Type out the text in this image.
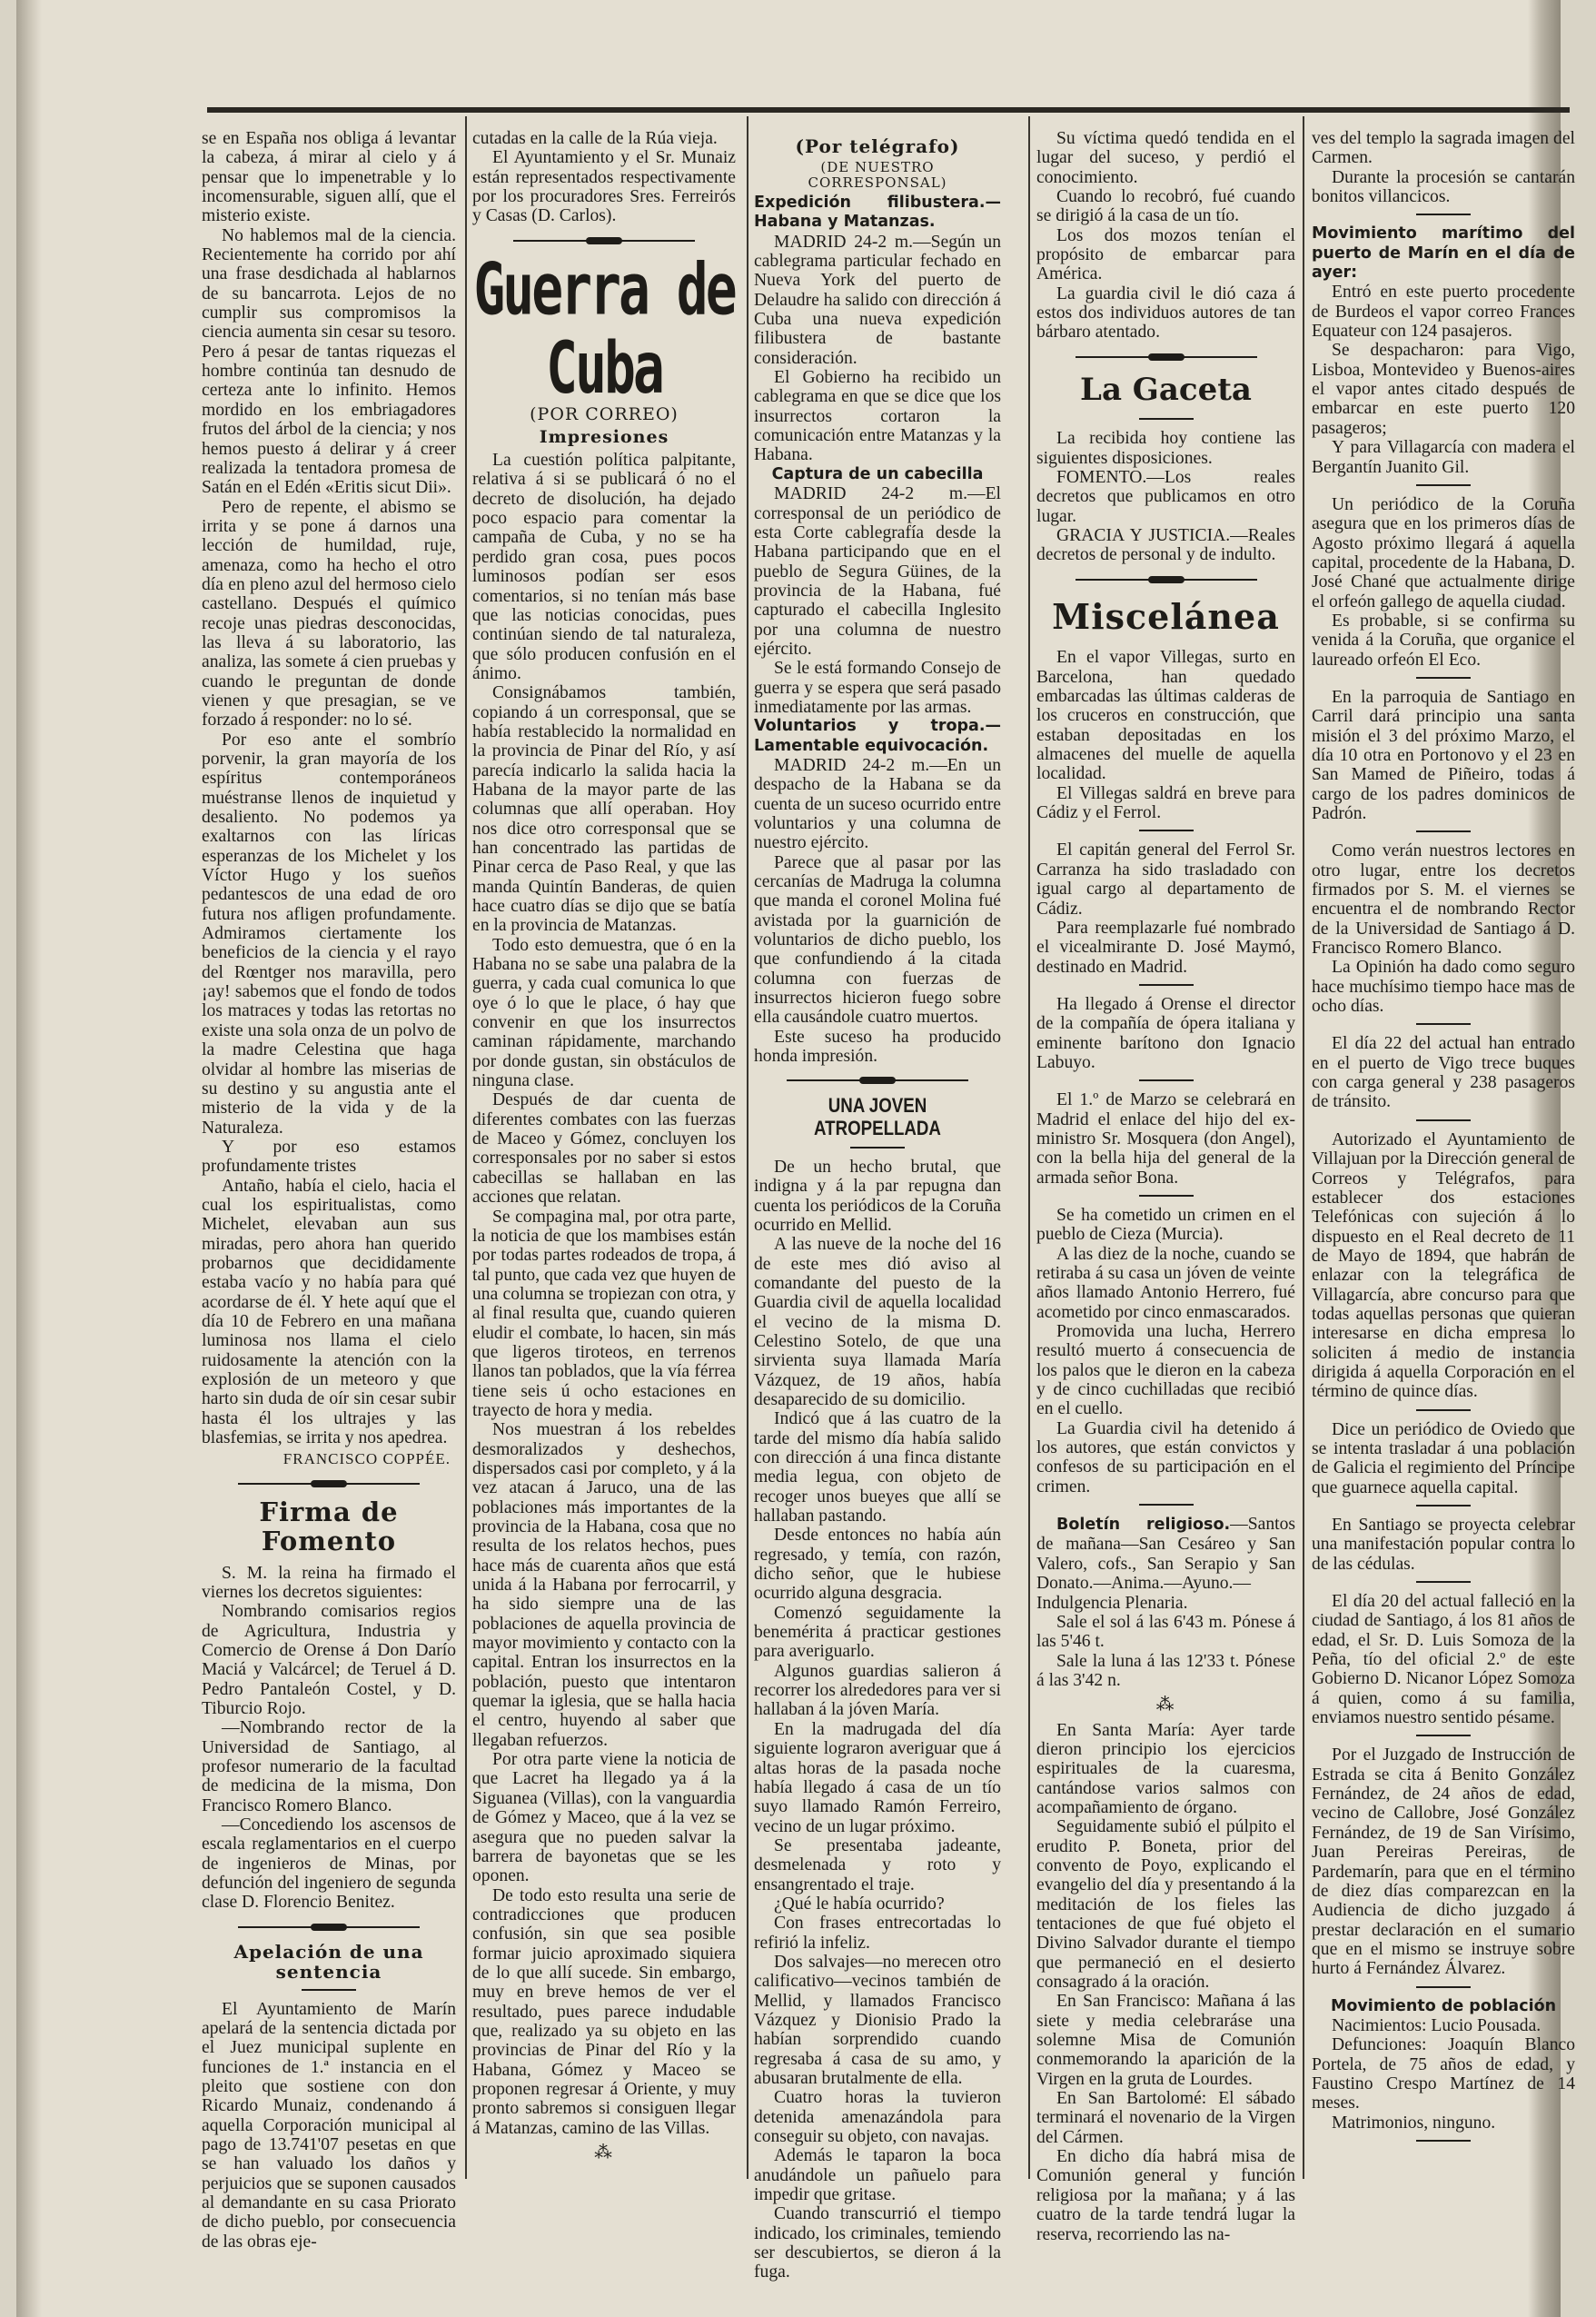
se en España nos obliga á levantar la cabeza, á mirar al cielo y á pensar que lo impenetrable y lo incomensurable, siguen allí, que el misterio existe.

No hablemos mal de la ciencia. Recientemente ha corrido por ahí una frase desdichada al hablarnos de su bancarrota. Lejos de no cumplir sus compromisos la ciencia aumenta sin cesar su tesoro. Pero á pesar de tantas riquezas el hombre continúa tan desnudo de certeza ante lo infinito. Hemos mordido en los embriagadores frutos del árbol de la ciencia; y nos hemos puesto á delirar y á creer realizada la tentadora promesa de Satán en el Edén «Eritis sicut Dii».

Pero de repente, el abismo se irrita y se pone á darnos una lección de humildad, ruje, amenaza, como ha hecho el otro día en pleno azul del hermoso cielo castellano. Después el químico recoje unas piedras desconocidas, las lleva á su laboratorio, las analiza, las somete á cien pruebas y cuando le preguntan de donde vienen y que presagian, se ve forzado á responder: no lo sé.

Por eso ante el sombrío porvenir, la gran mayoría de los espíritus contemporáneos muéstranse llenos de inquietud y desaliento. No podemos ya exaltarnos con las líricas esperanzas de los Michelet y los Víctor Hugo y los sueños pedantescos de una edad de oro futura nos afligen profundamente. Admiramos ciertamente los beneficios de la ciencia y el rayo del Rœntger nos maravilla, pero ¡ay! sabemos que el fondo de todos los matraces y todas las retortas no existe una sola onza de un polvo de la madre Celestina que haga olvidar al hombre las miserias de su destino y su angustia ante el misterio de la vida y de la Naturaleza.

Y por eso estamos profundamente tristes

Antaño, había el cielo, hacia el cual los espiritualistas, como Michelet, elevaban aun sus miradas, pero ahora han querido probarnos que decididamente estaba vacío y no había para qué acordarse de él. Y hete aquí que el día 10 de Febrero en una mañana luminosa nos llama el cielo ruidosamente la atención con la explosión de un meteoro y que harto sin duda de oír sin cesar subir hasta él los ultrajes y las blasfemias, se irrita y nos apedrea.

FRANCISCO COPPÉE.
Firma de Fomento

S. M. la reina ha firmado el viernes los decretos siguientes:

Nombrando comisarios regios de Agricultura, Industria y Comercio de Orense á Don Darío Maciá y Valcárcel; de Teruel á D. Pedro Pantaleón Costel, y D. Tiburcio Rojo.

—Nombrando rector de la Universidad de Santiago, al profesor numerario de la facultad de medicina de la misma, Don Francisco Romero Blanco.

—Concediendo los ascensos de escala reglamentarios en el cuerpo de ingenieros de Minas, por defunción del ingeniero de segunda clase D. Florencio Benitez.

Apelación de una sentencia

El Ayuntamiento de Marín apelará de la sentencia dictada por el Juez municipal suplente en funciones de 1.ª instancia en el pleito que sostiene con don Ricardo Munaiz, condenando á aquella Corporación municipal al pago de 13.741'07 pesetas en que se han valuado los daños y perjuicios que se suponen causados al demandante en su casa Priorato de dicho pueblo, por consecuencia de las obras eje-

cutadas en la calle de la Rúa vieja.

El Ayuntamiento y el Sr. Munaiz están representados respectivamente por los procuradores Sres. Ferreirós y Casas (D. Carlos).

Guerra de Cuba
(POR CORREO)
Impresiones

La cuestión política palpitante, relativa á si se publicará ó no el decreto de disolución, ha dejado poco espacio para comentar la campaña de Cuba, y no se ha perdido gran cosa, pues pocos luminosos podían ser esos comentarios, si no tenían más base que las noticias conocidas, pues continúan siendo de tal naturaleza, que sólo producen confusión en el ánimo.

Consignábamos también, copiando á un corresponsal, que se había restablecido la normalidad en la provincia de Pinar del Río, y así parecía indicarlo la salida hacia la Habana de la mayor parte de las columnas que allí operaban. Hoy nos dice otro corresponsal que se han concentrado las partidas de Pinar cerca de Paso Real, y que las manda Quintín Banderas, de quien hace cuatro días se dijo que se batía en la provincia de Matanzas.

Todo esto demuestra, que ó en la Habana no se sabe una palabra de la guerra, y cada cual comunica lo que oye ó lo que le place, ó hay que convenir en que los insurrectos caminan rápidamente, marchando por donde gustan, sin obstáculos de ninguna clase.

Después de dar cuenta de diferentes combates con las fuerzas de Maceo y Gómez, concluyen los corresponsales por no saber si estos cabecillas se hallaban en las acciones que relatan.

Se compagina mal, por otra parte, la noticia de que los mambises están por todas partes rodeados de tropa, á tal punto, que cada vez que huyen de una columna se tropiezan con otra, y al final resulta que, cuando quieren eludir el combate, lo hacen, sin más que ligeros tiroteos, en terrenos llanos tan poblados, que la vía férrea tiene seis ú ocho estaciones en trayecto de hora y media.

Nos muestran á los rebeldes desmoralizados y deshechos, dispersados casi por completo, y á la vez atacan á Jaruco, una de las poblaciones más importantes de la provincia de la Habana, cosa que no resulta de los relatos hechos, pues hace más de cuarenta años que está unida á la Habana por ferrocarril, y ha sido siempre una de las poblaciones de aquella provincia de mayor movimiento y contacto con la capital. Entran los insurrectos en la población, puesto que intentaron quemar la iglesia, que se halla hacia el centro, huyendo al saber que llegaban refuerzos.

Por otra parte viene la noticia de que Lacret ha llegado ya á la Siguanea (Villas), con la vanguardia de Gómez y Maceo, que á la vez se asegura que no pueden salvar la barrera de bayonetas que se les oponen.

De todo esto resulta una serie de contradicciones que producen confusión, sin que sea posible formar juicio aproximado siquiera de lo que allí sucede. Sin embargo, muy en breve hemos de ver el resultado, pues parece indudable que, realizado ya su objeto en las provincias de Pinar del Río y la Habana, Gómez y Maceo se proponen regresar á Oriente, y muy pronto sabremos si consiguen llegar á Matanzas, camino de las Villas.

⁂
(Por telégrafo)
(DE NUESTRO CORRESPONSAL)

Expedición filibustera.—Habana y Matanzas.

MADRID 24-2 m.—Según un cablegrama particular fechado en Nueva York del puerto de Delaudre ha salido con dirección á Cuba una nueva expedición filibustera de bastante consideración.

El Gobierno ha recibido un cablegrama en que se dice que los insurrectos cortaron la comunicación entre Matanzas y la Habana.

Captura de un cabecilla

MADRID 24-2 m.—El corresponsal de un periódico de esta Corte cablegrafía desde la Habana participando que en el pueblo de Segura Güines, de la provincia de la Habana, fué capturado el cabecilla Inglesito por una columna de nuestro ejército.

Se le está formando Consejo de guerra y se espera que será pasado inmediatamente por las armas.

Voluntarios y tropa.—Lamentable equivocación.

MADRID 24-2 m.—En un despacho de la Habana se da cuenta de un suceso ocurrido entre voluntarios y una columna de nuestro ejército.

Parece que al pasar por las cercanías de Madruga la columna que manda el coronel Molina fué avistada por la guarnición de voluntarios de dicho pueblo, los que confundiendo á la citada columna con fuerzas de insurrectos hicieron fuego sobre ella causándole cuatro muertos.

Este suceso ha producido honda impresión.

UNA JOVEN ATROPELLADA

De un hecho brutal, que indigna y á la par repugna dan cuenta los periódicos de la Coruña ocurrido en Mellid.

A las nueve de la noche del 16 de este mes dió aviso al comandante del puesto de la Guardia civil de aquella localidad el vecino de la misma D. Celestino Sotelo, de que una sirvienta suya llamada María Vázquez, de 19 años, había desaparecido de su domicilio.

Indicó que á las cuatro de la tarde del mismo día había salido con dirección á una finca distante media legua, con objeto de recoger unos bueyes que allí se hallaban pastando.

Desde entonces no había aún regresado, y temía, con razón, dicho señor, que le hubiese ocurrido alguna desgracia.

Comenzó seguidamente la benemérita á practicar gestiones para averiguarlo.

Algunos guardias salieron á recorrer los alrededores para ver si hallaban á la jóven María.

En la madrugada del día siguiente lograron averiguar que á altas horas de la pasada noche había llegado á casa de un tío suyo llamado Ramón Ferreiro, vecino de un lugar próximo.

Se presentaba jadeante, desmelenada y roto y ensangrentado el traje.

¿Qué le había ocurrido?

Con frases entrecortadas lo refirió la infeliz.

Dos salvajes—no merecen otro calificativo—vecinos también de Mellid, y llamados Francisco Vázquez y Dionisio Prado la habían sorprendido cuando regresaba á casa de su amo, y abusaran brutalmente de ella.

Cuatro horas la tuvieron detenida amenazándola para conseguir su objeto, con navajas.

Además le taparon la boca anudándole un pañuelo para impedir que gritase.

Cuando transcurrió el tiempo indicado, los criminales, temiendo ser descubiertos, se dieron á la fuga.

Su víctima quedó tendida en el lugar del suceso, y perdió el conocimiento.

Cuando lo recobró, fué cuando se dirigió á la casa de un tío.

Los dos mozos tenían el propósito de embarcar para América.

La guardia civil le dió caza á estos dos individuos autores de tan bárbaro atentado.

La Gaceta

La recibida hoy contiene las siguientes disposiciones.

FOMENTO.—Los reales decretos que publicamos en otro lugar.

GRACIA Y JUSTICIA.—Reales decretos de personal y de indulto.

Miscelánea

En el vapor Villegas, surto en Barcelona, han quedado embarcadas las últimas calderas de los cruceros en construcción, que estaban depositadas en los almacenes del muelle de aquella localidad.

El Villegas saldrá en breve para Cádiz y el Ferrol.

El capitán general del Ferrol Sr. Carranza ha sido trasladado con igual cargo al departamento de Cádiz.

Para reemplazarle fué nombrado el vicealmirante D. José Maymó, destinado en Madrid.

Ha llegado á Orense el director de la compañía de ópera italiana y eminente barítono don Ignacio Labuyo.

El 1.º de Marzo se celebrará en Madrid el enlace del hijo del ex-ministro Sr. Mosquera (don Angel), con la bella hija del general de la armada señor Bona.

Se ha cometido un crimen en el pueblo de Cieza (Murcia).

A las diez de la noche, cuando se retiraba á su casa un jóven de veinte años llamado Antonio Herrero, fué acometido por cinco enmascarados.

Promovida una lucha, Herrero resultó muerto á consecuencia de los palos que le dieron en la cabeza y de cinco cuchilladas que recibió en el cuello.

La Guardia civil ha detenido á los autores, que están convictos y confesos de su participación en el crimen.

Boletín religioso.—Santos de mañana—San Cesáreo y San Valero, cofs., San Serapio y San Donato.—Anima.—Ayuno.—Indulgencia Plenaria.

Sale el sol á las 6'43 m. Pónese á las 5'46 t.

Sale la luna á las 12'33 t. Pónese á las 3'42 n.

⁂

En Santa María: Ayer tarde dieron principio los ejercicios espirituales de la cuaresma, cantándose varios salmos con acompañamiento de órgano.

Seguidamente subió el púlpito el erudito P. Boneta, prior del convento de Poyo, explicando el evangelio del día y presentando á la meditación de los fieles las tentaciones de que fué objeto el Divino Salvador durante el tiempo que permaneció en el desierto consagrado á la oración.

En San Francisco: Mañana á las siete y media celebraráse una solemne Misa de Comunión conmemorando la aparición de la Virgen en la gruta de Lourdes.

En San Bartolomé: El sábado terminará el novenario de la Virgen del Cármen.

En dicho día habrá misa de Comunión general y función religiosa por la mañana; y á las cuatro de la tarde tendrá lugar la reserva, recorriendo las na-

ves del templo la sagrada imagen del Carmen.

Durante la procesión se cantarán bonitos villancicos.

Movimiento marítimo del puerto de Marín en el día de ayer:

Entró en este puerto procedente de Burdeos el vapor correo Frances Equateur con 124 pasajeros.

Se despacharon: para Vigo, Lisboa, Montevideo y Buenos-aires el vapor antes citado después de embarcar en este puerto 120 pasageros;

Y para Villagarcía con madera el Bergantín Juanito Gil.

Un periódico de la Coruña asegura que en los primeros días de Agosto próximo llegará á aquella capital, procedente de la Habana, D. José Chané que actualmente dirige el orfeón gallego de aquella ciudad.

Es probable, si se confirma su venida á la Coruña, que organice el laureado orfeón El Eco.

En la parroquia de Santiago en Carril dará principio una santa misión el 3 del próximo Marzo, el día 10 otra en Portonovo y el 23 en San Mamed de Piñeiro, todas á cargo de los padres dominicos de Padrón.

Como verán nuestros lectores en otro lugar, entre los decretos firmados por S. M. el viernes se encuentra el de nombrando Rector de la Universidad de Santiago á D. Francisco Romero Blanco.

La Opinión ha dado como seguro hace muchísimo tiempo hace mas de ocho días.

El día 22 del actual han entrado en el puerto de Vigo trece buques con carga general y 238 pasageros de tránsito.

Autorizado el Ayuntamiento de Villajuan por la Dirección general de Correos y Telégrafos, para establecer dos estaciones Telefónicas con sujeción á lo dispuesto en el Real decreto de 11 de Mayo de 1894, que habrán de enlazar con la telegráfica de Villagarcía, abre concurso para que todas aquellas personas que quieran interesarse en dicha empresa lo soliciten á medio de instancia dirigida á aquella Corporación en el término de quince días.

Dice un periódico de Oviedo que se intenta trasladar á una población de Galicia el regimiento del Príncipe que guarnece aquella capital.

En Santiago se proyecta celebrar una manifestación popular contra lo de las cédulas.

El día 20 del actual falleció en la ciudad de Santiago, á los 81 años de edad, el Sr. D. Luis Somoza de la Peña, tío del oficial 2.º de este Gobierno D. Nicanor López Somoza á quien, como á su familia, enviamos nuestro sentido pésame.

Por el Juzgado de Instrucción de Estrada se cita á Benito González Fernández, de 24 años de edad, vecino de Callobre, José González Fernández, de 19 de San Virísimo, Juan Pereiras Pereiras, de Pardemarín, para que en el término de diez días comparezcan en la Audiencia de dicho juzgado á prestar declaración en el sumario que en el mismo se instruye sobre hurto á Fernández Álvarez.

Movimiento de población

Nacimientos: Lucio Pousada.

Defunciones: Joaquín Blanco Portela, de 75 años de edad, y Faustino Crespo Martínez de 14 meses.

Matrimonios, ninguno.
